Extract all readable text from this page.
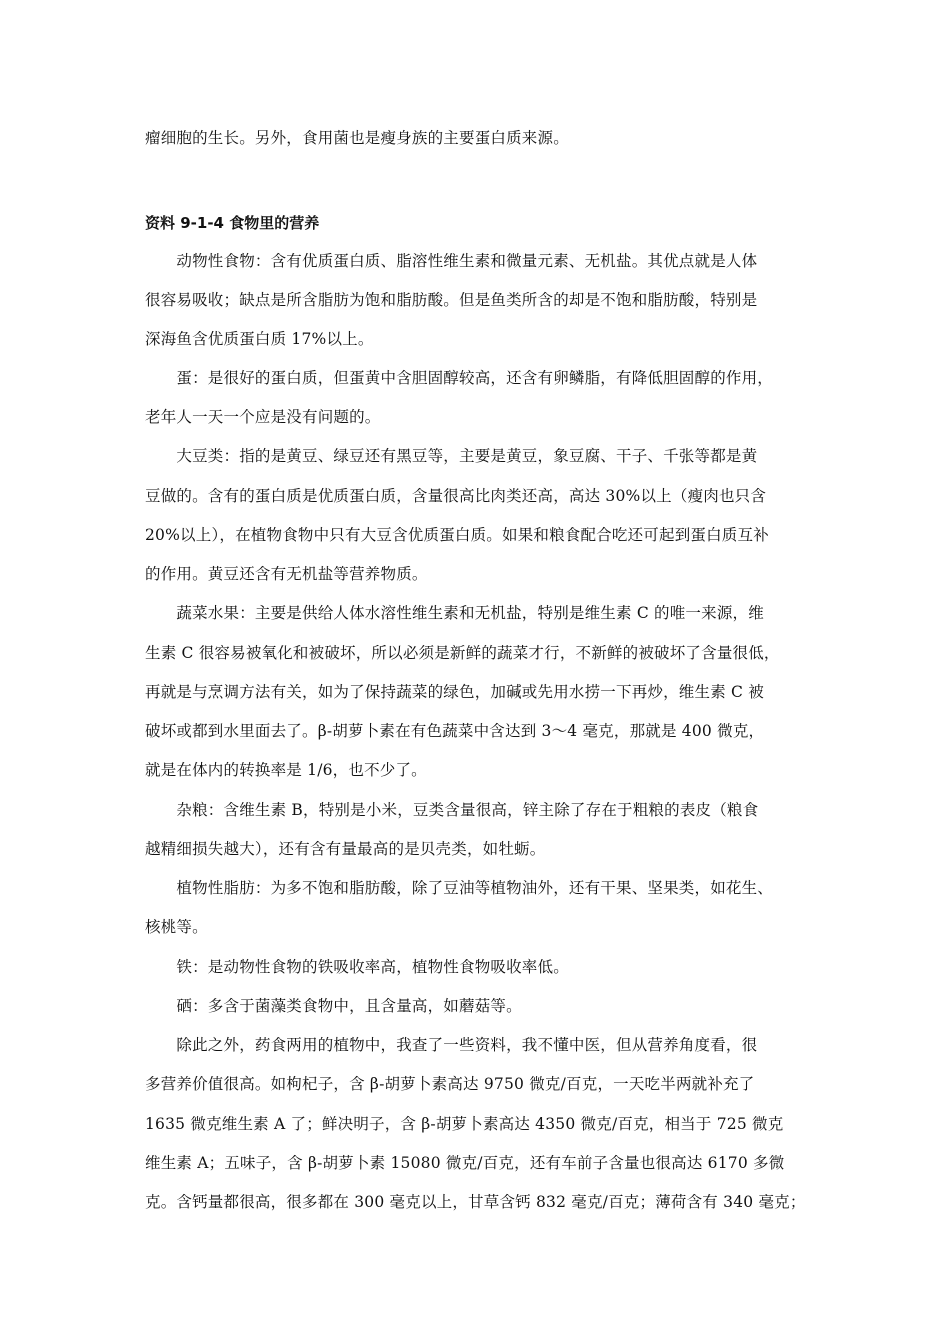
瘤细胞的生长。另外，食用菌也是瘦身族的主要蛋白质来源。
资料 9-1-4 食物里的营养
　　动物性食物：含有优质蛋白质、脂溶性维生素和微量元素、无机盐。其优点就是人体
很容易吸收；缺点是所含脂肪为饱和脂肪酸。但是鱼类所含的却是不饱和脂肪酸，特别是
深海鱼含优质蛋白质 17%以上。
　　蛋：是很好的蛋白质，但蛋黄中含胆固醇较高，还含有卵鳞脂，有降低胆固醇的作用，
老年人一天一个应是没有问题的。
　　大豆类：指的是黄豆、绿豆还有黑豆等，主要是黄豆，象豆腐、干子、千张等都是黄
豆做的。含有的蛋白质是优质蛋白质，含量很高比肉类还高，高达 30%以上（瘦肉也只含
20%以上），在植物食物中只有大豆含优质蛋白质。如果和粮食配合吃还可起到蛋白质互补
的作用。黄豆还含有无机盐等营养物质。
　　蔬菜水果：主要是供给人体水溶性维生素和无机盐，特别是维生素 C 的唯一来源，维
生素 C 很容易被氧化和被破坏，所以必须是新鲜的蔬菜才行，不新鲜的被破坏了含量很低，
再就是与烹调方法有关，如为了保持蔬菜的绿色，加碱或先用水捞一下再炒，维生素 C 被
破坏或都到水里面去了。β-胡萝卜素在有色蔬菜中含达到 3～4 毫克，那就是 400 微克，
就是在体内的转换率是 1/6，也不少了。
　　杂粮：含维生素 B，特别是小米，豆类含量很高，锌主除了存在于粗粮的表皮（粮食
越精细损失越大），还有含有量最高的是贝壳类，如牡蛎。
　　植物性脂肪：为多不饱和脂肪酸，除了豆油等植物油外，还有干果、坚果类，如花生、
核桃等。
　　铁：是动物性食物的铁吸收率高，植物性食物吸收率低。
　　硒：多含于菌藻类食物中，且含量高，如蘑菇等。
　　除此之外，药食两用的植物中，我查了一些资料，我不懂中医，但从营养角度看，很
多营养价值很高。如枸杞子，含 β-胡萝卜素高达 9750 微克/百克，一天吃半两就补充了
1635 微克维生素 A 了；鲜决明子，含 β-胡萝卜素高达 4350 微克/百克，相当于 725 微克
维生素 A；五味子，含 β-胡萝卜素 15080 微克/百克，还有车前子含量也很高达 6170 多微
克。含钙量都很高，很多都在 300 毫克以上，甘草含钙 832 毫克/百克；薄荷含有 340 毫克；
